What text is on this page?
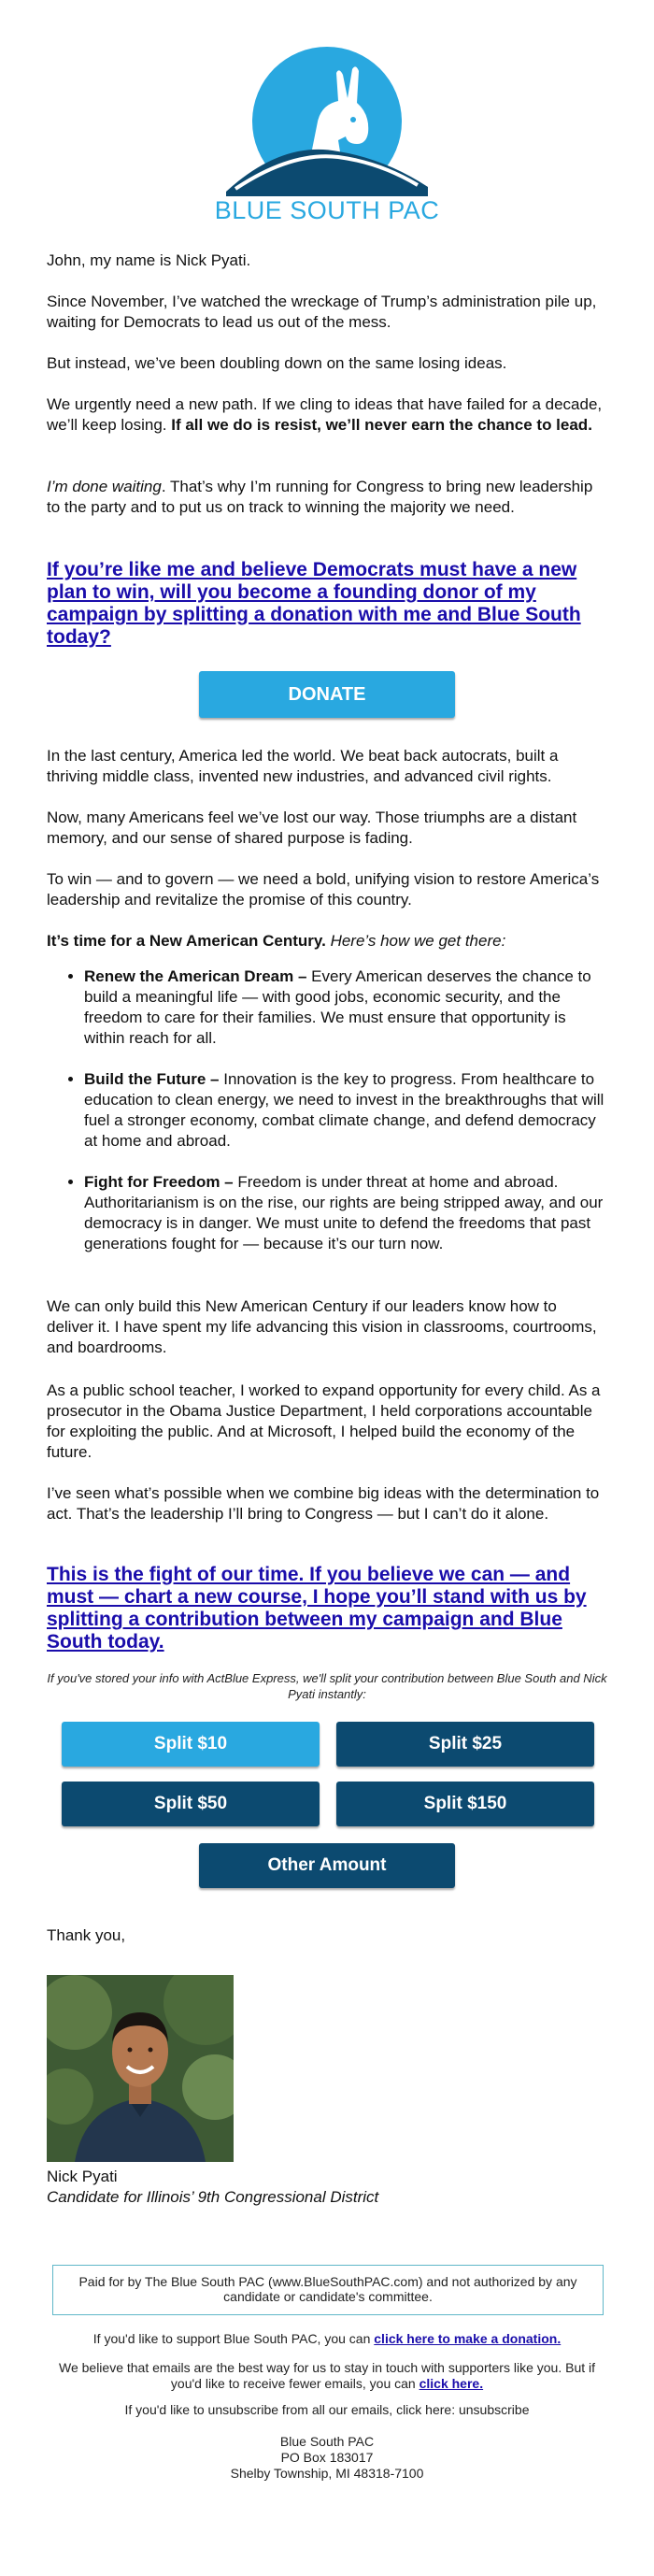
BLUE SOUTH PAC

John, my name is Nick Pyati.

Since November, I’ve watched the wreckage of Trump’s administration pile up, waiting for Democrats to lead us out of the mess.

But instead, we’ve been doubling down on the same losing ideas.

We urgently need a new path. If we cling to ideas that have failed for a decade, we’ll keep losing. If all we do is resist, we’ll never earn the chance to lead.

I’m done waiting. That’s why I’m running for Congress to bring new leadership to the party and to put us on track to winning the majority we need.

If you’re like me and believe Democrats must have a new plan to win, will you become a founding donor of my campaign by splitting a donation with me and Blue South today?
DONATE

In the last century, America led the world. We beat back autocrats, built a thriving middle class, invented new industries, and advanced civil rights.

Now, many Americans feel we’ve lost our way. Those triumphs are a distant memory, and our sense of shared purpose is fading.

To win — and to govern — we need a bold, unifying vision to restore America’s leadership and revitalize the promise of this country.

It’s time for a New American Century. Here’s how we get there:

• Renew the American Dream – Every American deserves the chance to build a meaningful life — with good jobs, economic security, and the freedom to care for their families. We must ensure that opportunity is within reach for all.
• Build the Future – Innovation is the key to progress. From healthcare to education to clean energy, we need to invest in the breakthroughs that will fuel a stronger economy, combat climate change, and defend democracy at home and abroad.
• Fight for Freedom – Freedom is under threat at home and abroad. Authoritarianism is on the rise, our rights are being stripped away, and our democracy is in danger. We must unite to defend the freedoms that past generations fought for — because it’s our turn now.

We can only build this New American Century if our leaders know how to deliver it. I have spent my life advancing this vision in classrooms, courtrooms, and boardrooms.

As a public school teacher, I worked to expand opportunity for every child. As a prosecutor in the Obama Justice Department, I held corporations accountable for exploiting the public. And at Microsoft, I helped build the economy of the future.

I’ve seen what’s possible when we combine big ideas with the determination to act. That’s the leadership I’ll bring to Congress — but I can’t do it alone.

This is the fight of our time. If you believe we can — and must — chart a new course, I hope you’ll stand with us by splitting a contribution between my campaign and Blue South today.
If you've stored your info with ActBlue Express, we'll split your contribution between Blue South and Nick Pyati instantly:
Split $10	Split $25
Split $50	Split $150
Other Amount

Thank you,

Nick Pyati

Candidate for Illinois’ 9th Congressional District

Paid for by The Blue South PAC (www.BlueSouthPAC.com) and not authorized by any candidate or candidate's committee.
If you'd like to support Blue South PAC, you can click here to make a donation.
We believe that emails are the best way for us to stay in touch with supporters like you. But if you'd like to receive fewer emails, you can click here.
If you'd like to unsubscribe from all our emails, click here: unsubscribe
Blue South PAC
PO Box 183017
Shelby Township, MI 48318-7100
